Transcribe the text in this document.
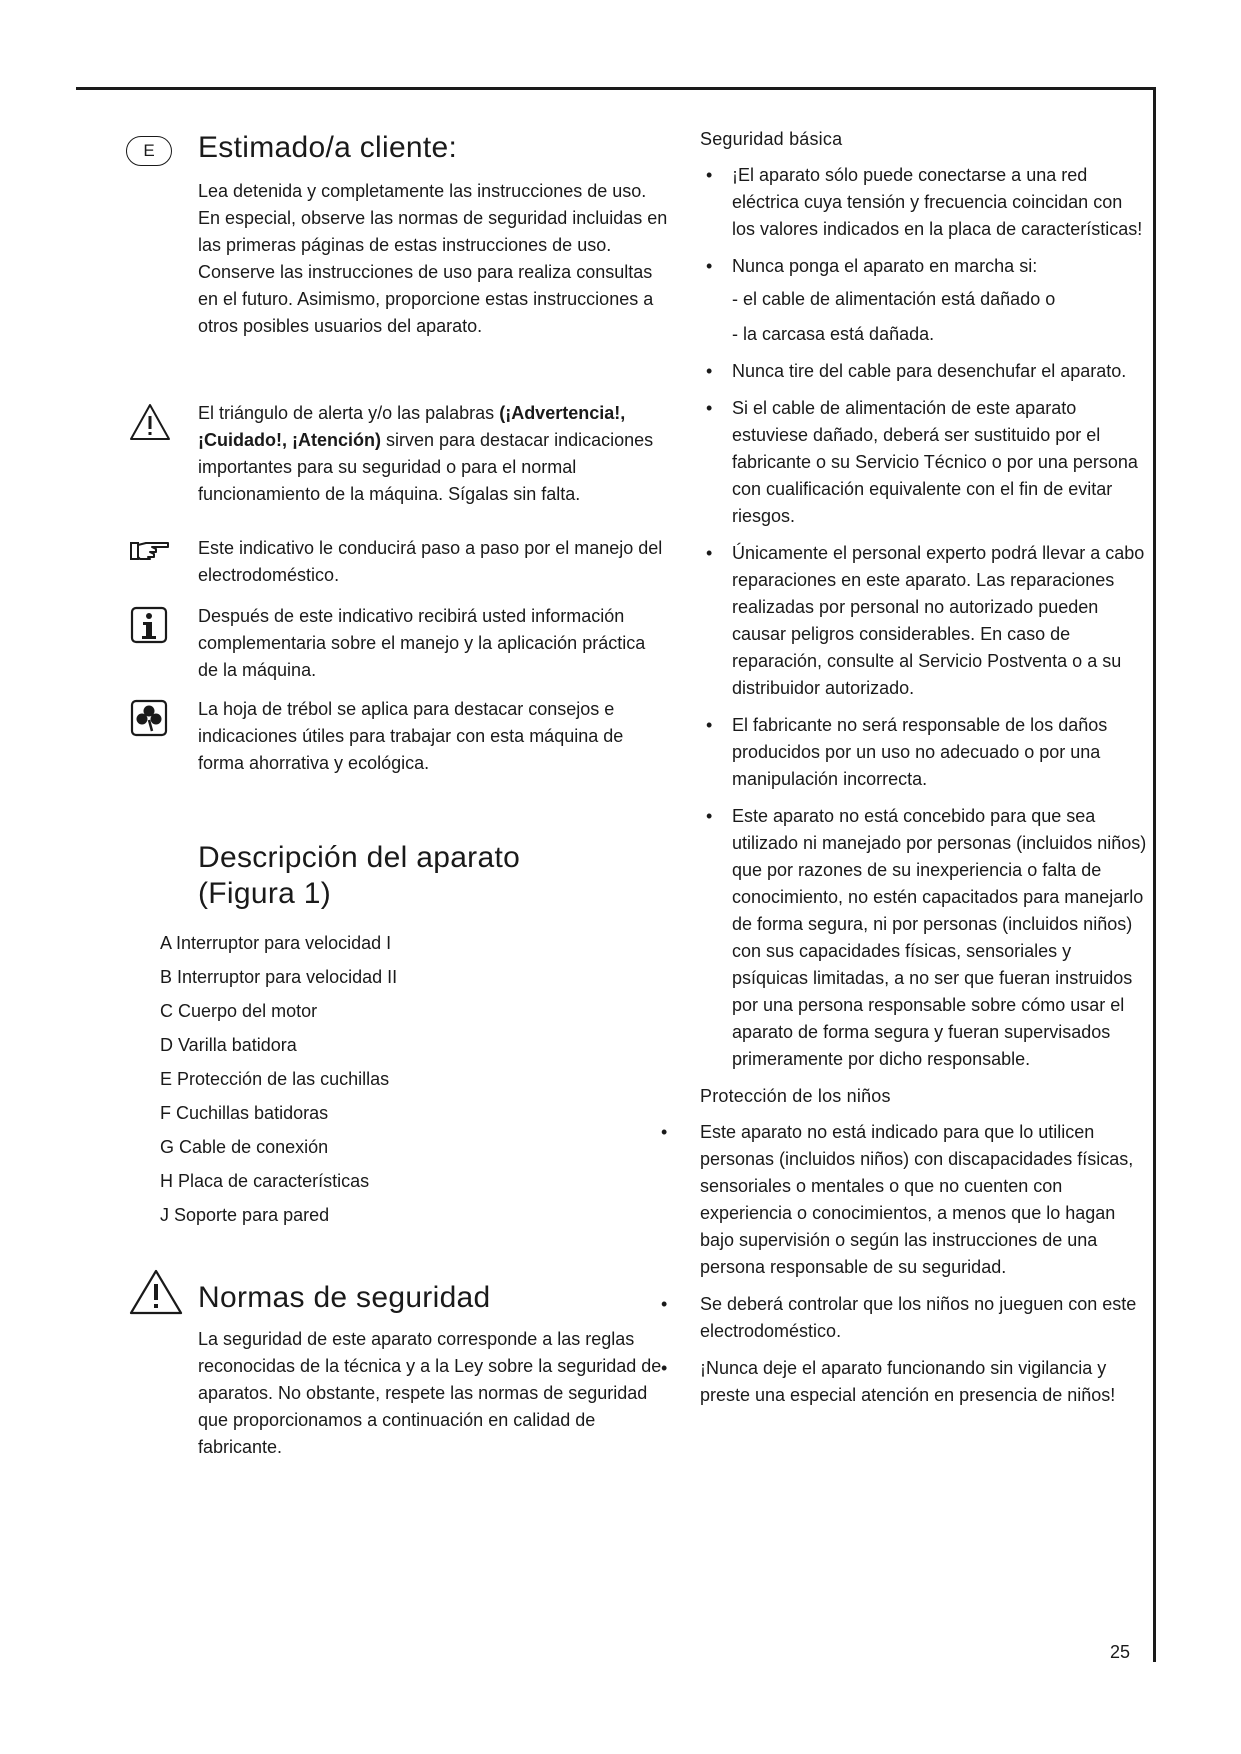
E	Estimado/a cliente:

Lea detenida y completamente las instrucciones de uso. En especial, observe las normas de seguridad incluidas en las primeras páginas de estas instrucciones de uso.

Conserve las instrucciones de uso para realiza consultas en el futuro. Asimismo, proporcione estas instrucciones a otros posibles usuarios del aparato.

El triángulo de alerta y/o las palabras (¡Advertencia!, ¡Cuidado!, ¡Atención) sirven para destacar indicaciones importantes para su seguridad o para el normal funcionamiento de la máquina. Sígalas sin falta.

Este indicativo le conducirá paso a paso por el manejo del electrodoméstico.

Después de este indicativo recibirá usted información complementaria sobre el manejo y la aplicación práctica de la máquina.

La hoja de trébol se aplica para destacar consejos e indicaciones útiles para trabajar con esta máquina de forma ahorrativa y ecológica.

Descripción del aparato
(Figura 1)
A Interruptor para velocidad I
B Interruptor para velocidad II
C Cuerpo del motor
D Varilla batidora
E Protección de las cuchillas
F Cuchillas batidoras
G Cable de conexión
H Placa de características
J Soporte para pared
Normas de seguridad

La seguridad de este aparato corresponde a las reglas reconocidas de la técnica y a la Ley sobre la seguridad de aparatos. No obstante, respete las normas de seguridad que proporcionamos a continuación en calidad de fabricante.

Seguridad básica

• ¡El aparato sólo puede conectarse a una red eléctrica cuya tensión y frecuencia coincidan con los valores indicados en la placa de características!
• Nunca ponga el aparato en marcha si:
- el cable de alimentación está dañado o
- la carcasa está dañada.
• Nunca tire del cable para desenchufar el aparato.
• Si el cable de alimentación de este aparato estuviese dañado, deberá ser sustituido por el fabricante o su Servicio Técnico o por una persona con cualificación equivalente con el fin de evitar riesgos.
• Únicamente el personal experto podrá llevar a cabo reparaciones en este aparato. Las reparaciones realizadas por personal no autorizado pueden causar peligros considerables. En caso de reparación, consulte al Servicio Postventa o a su distribuidor autorizado.
• El fabricante no será responsable de los daños producidos por un uso no adecuado o por una manipulación incorrecta.
• Este aparato no está concebido para que sea utilizado ni manejado por personas (incluidos niños) que por razones de su inexperiencia o falta de conocimiento, no estén capacitados para manejarlo de forma segura, ni por personas (incluidos niños) con sus capacidades físicas, sensoriales y psíquicas limitadas, a no ser que fueran instruidos por una persona responsable sobre cómo usar el aparato de forma segura y fueran supervisados primeramente por dicho responsable.

Protección de los niños

• Este aparato no está indicado para que lo utilicen personas (incluidos niños) con discapacidades físicas, sensoriales o mentales o que no cuenten con experiencia o conocimientos, a menos que lo hagan bajo supervisión o según las instrucciones de una persona responsable de su seguridad.
• Se deberá controlar que los niños no jueguen con este electrodoméstico.
• ¡Nunca deje el aparato funcionando sin vigilancia y preste una especial atención en presencia de niños!
25
